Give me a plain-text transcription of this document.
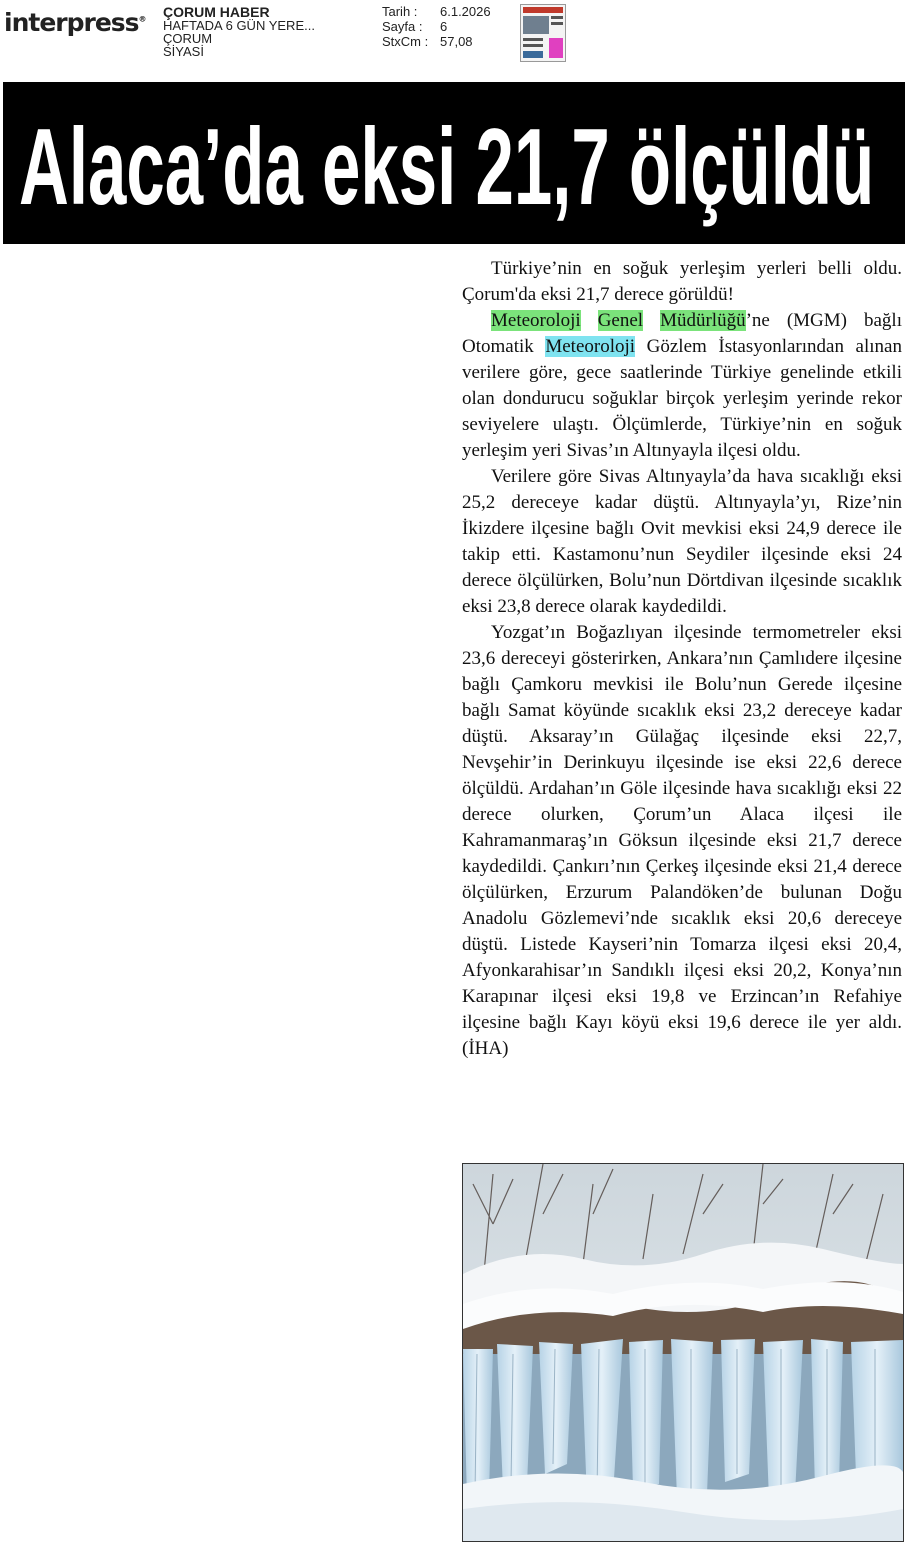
interpress® ÇORUM HABER
HAFTADA 6 GÜN YERE...
ÇORUM
SİYASİ
Tarih :	6.1.2026
Sayfa :	6
StxCm : 57,08
Alaca’da eksi 21,7 ölçüldü

Türkiye’nin en soğuk yerleşim yerleri belli oldu. Çorum'da eksi 21,7 derece görüldü!

Meteoroloji Genel Müdürlüğü’ne (MGM) bağlı Otomatik Meteoroloji Gözlem İstasyonlarından alınan verilere göre, gece saatlerinde Türkiye genelinde etkili olan dondurucu soğuklar birçok yerleşim yerinde rekor seviyelere ulaştı. Ölçümlerde, Türkiye’nin en soğuk yerleşim yeri Sivas’ın Altınyayla ilçesi oldu.

Verilere göre Sivas Altınyayla’da hava sıcaklığı eksi 25,2 dereceye kadar düştü. Altınyayla’yı, Rize’nin İkizdere ilçesine bağlı Ovit mevkisi eksi 24,9 derece ile takip etti. Kastamonu’nun Seydiler ilçesinde eksi 24 derece ölçülürken, Bolu’nun Dörtdivan ilçesinde sıcaklık eksi 23,8 derece olarak kaydedildi.

Yozgat’ın Boğazlıyan ilçesinde termometreler eksi 23,6 dereceyi gösterirken, Ankara’nın Çamlıdere ilçesine bağlı Çamkoru mevkisi ile Bolu’nun Gerede ilçesine bağlı Samat köyünde sıcaklık eksi 23,2 dereceye kadar düştü. Aksaray’ın Gülağaç ilçesinde eksi 22,7, Nevşehir’in Derinkuyu ilçesinde ise eksi 22,6 derece ölçüldü. Ardahan’ın Göle ilçesinde hava sıcaklığı eksi 22 derece olurken, Çorum’un Alaca ilçesi ile Kahramanmaraş’ın Göksun ilçesinde eksi 21,7 derece kaydedildi. Çankırı’nın Çerkeş ilçesinde eksi 21,4 derece ölçülürken, Erzurum Palandöken’de bulunan Doğu Anadolu Gözlemevi’nde sıcaklık eksi 20,6 dereceye düştü. Listede Kayseri’nin Tomarza ilçesi eksi 20,4, Afyonkarahisar’ın Sandıklı ilçesi eksi 20,2, Konya’nın Karapınar ilçesi eksi 19,8 ve Erzincan’ın Refahiye ilçesine bağlı Kayı köyü eksi 19,6 derece ile yer aldı. (İHA)
